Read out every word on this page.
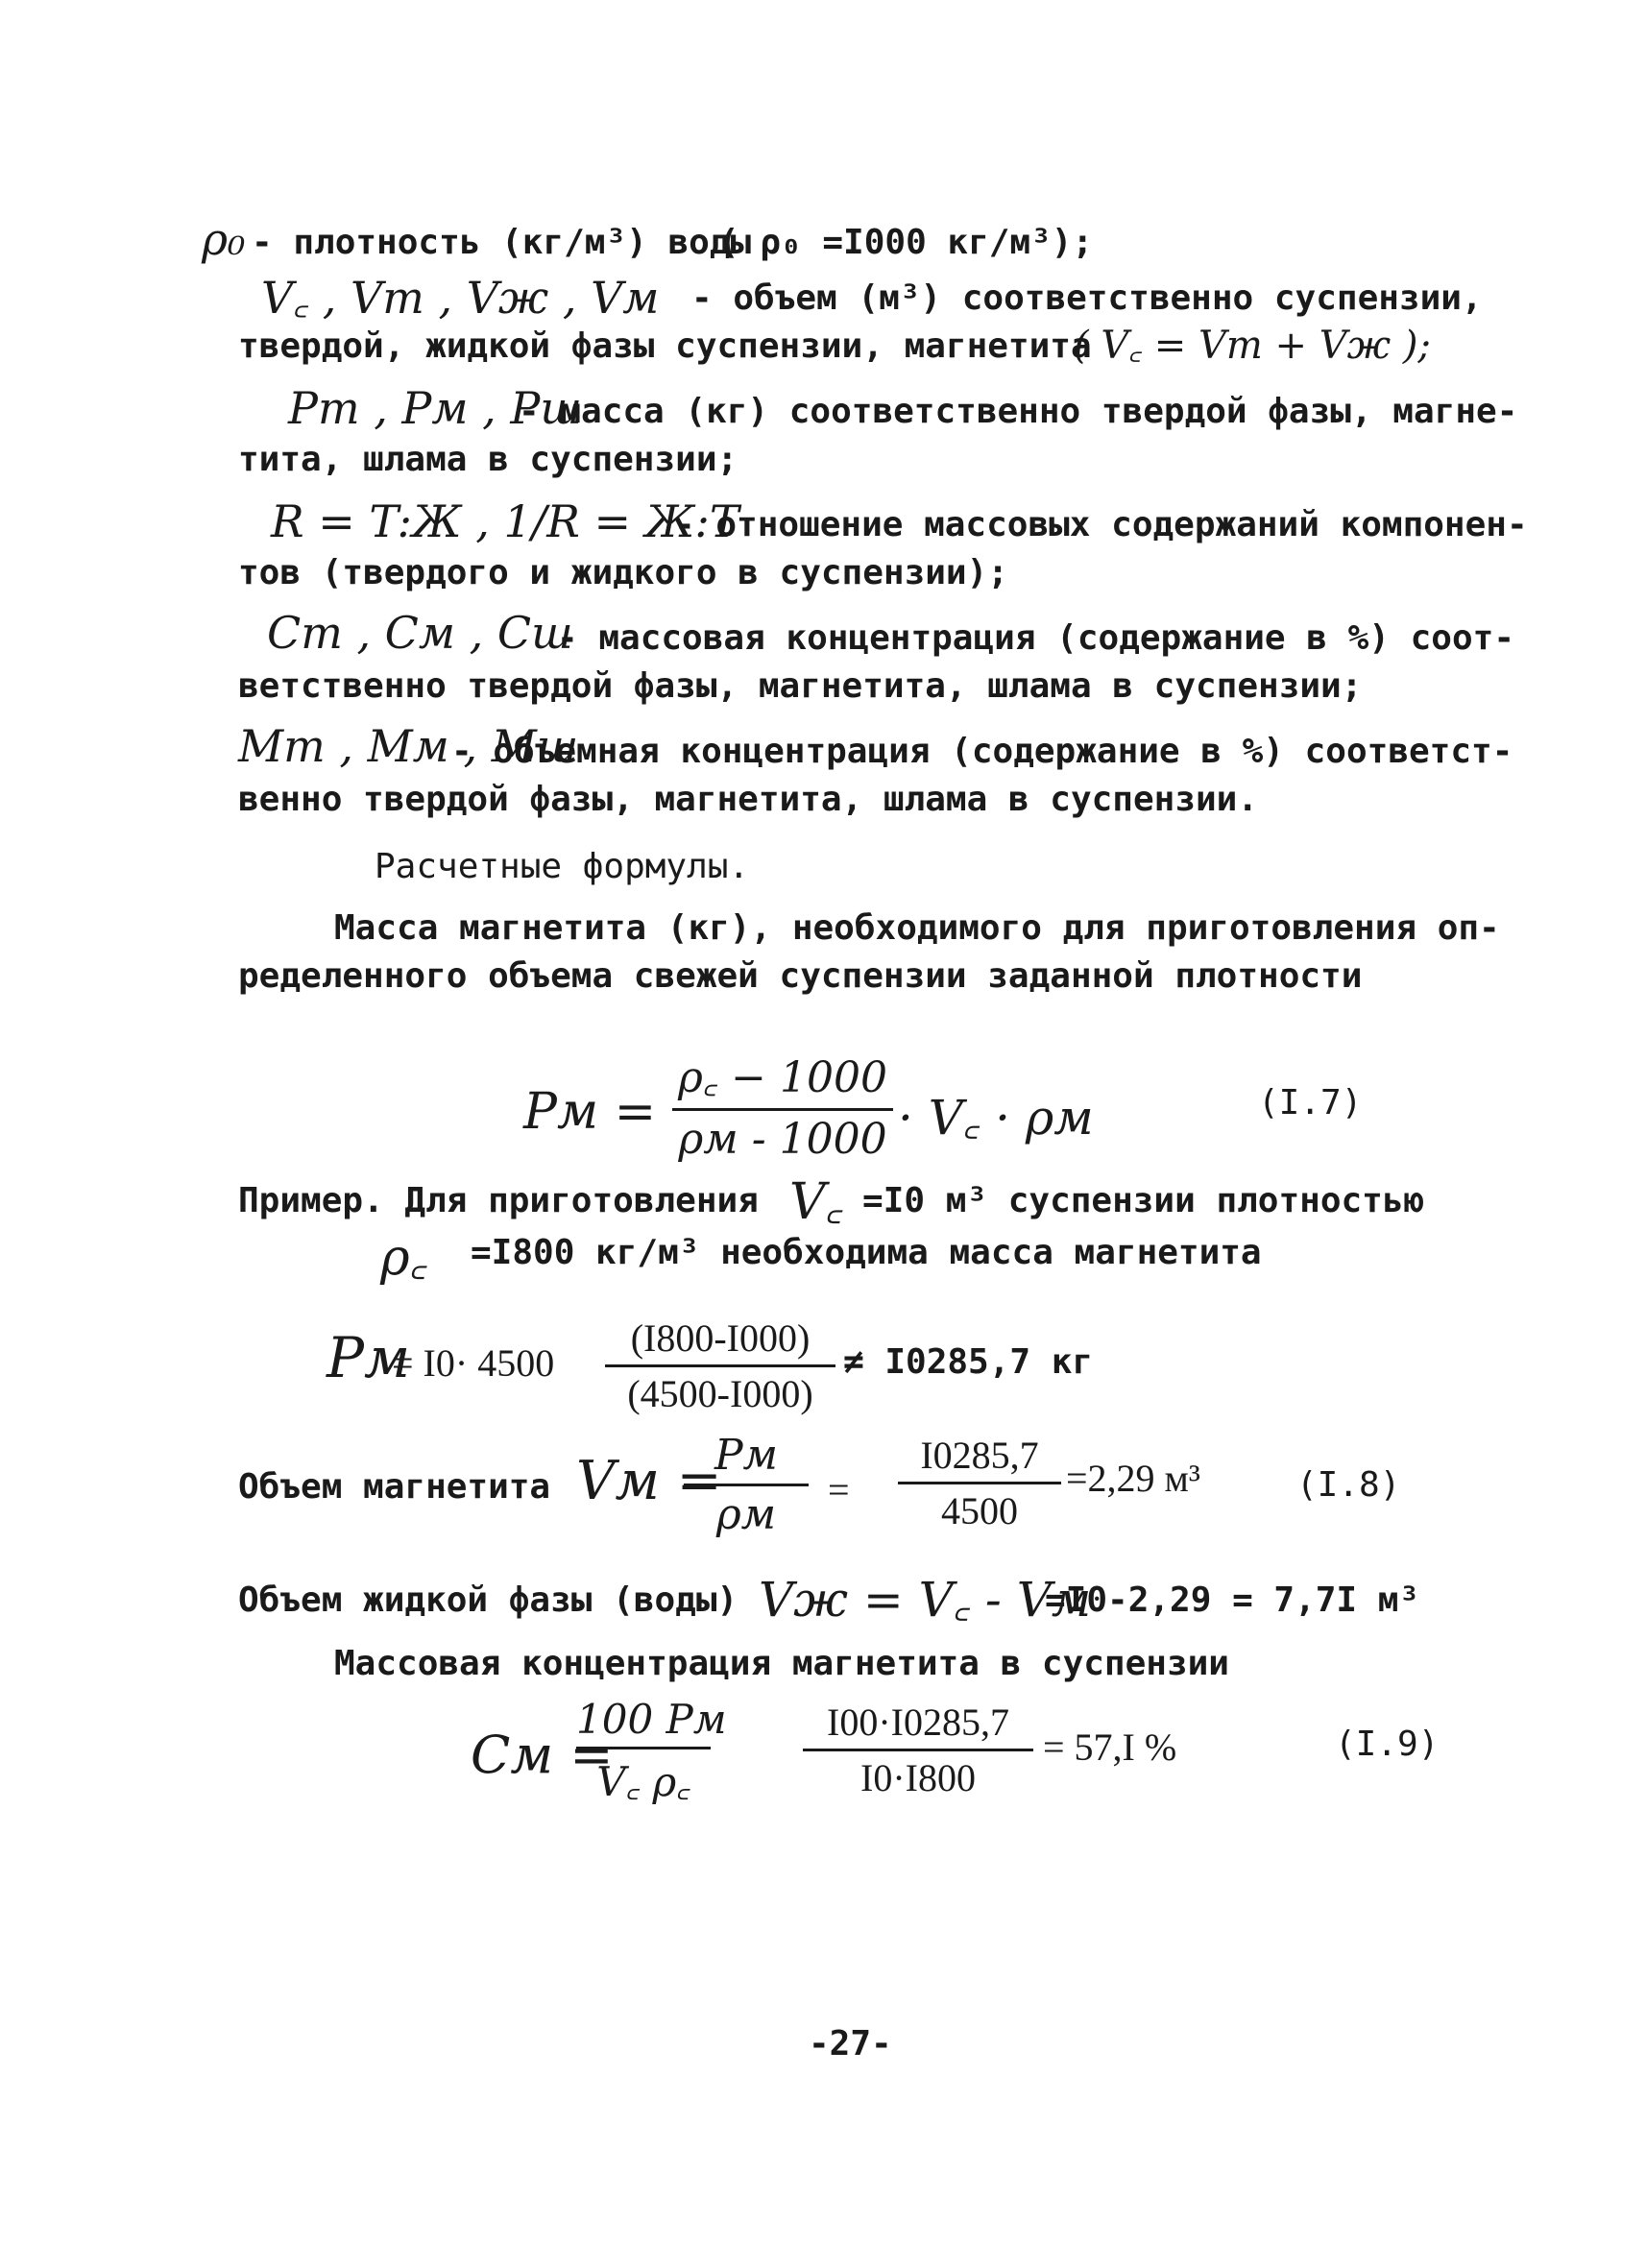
ρ₀ - плотность (кг/м³) воды
( ρ₀ =I000 кг/м³);
V꜀ , Vт , Vж , Vм - объем (м³) соответственно суспензии,
твердой, жидкой фазы суспензии, магнетита
( V꜀ = Vт + Vж );
Pт , Pм , Pш
- масса (кг) соответственно твердой фазы, магне-
тита, шлама в суспензии;
R = T:Ж , 1/R = Ж:T
- отношение массовых содержаний компонен-
тов (твердого и жидкого в суспензии);
Cт , Cм , Cш
- массовая концентрация (содержание в %) соот-
ветственно твердой фазы, магнетита, шлама в суспензии;
Mт , Mм , Mш
- объемная концентрация (содержание в %) соответст-
венно твердой фазы, магнетита, шлама в суспензии.
Расчетные формулы.
Масса магнетита (кг), необходимого для приготовления оп-
ределенного объема свежей суспензии заданной плотности
Pм =
ρ꜀ − 1000
ρм - 1000 · V꜀ · ρм	(I.7)
Пример. Для приготовления V꜀ =I0 м³ суспензии плотностью
ρ꜀ =I800 кг/м³ необходима масса магнетита
Pм
= I0· 4500
(I800-I000)
(4500-I000)
≠ I0285,7 кг
Объем магнетита Vм =
Pм
ρм
=
I0285,7
4500
=2,29 м³	(I.8)
Объем жидкой фазы (воды) Vж = V꜀ - Vм
=I0-2,29 = 7,7I м³
Массовая концентрация магнетита в суспензии
Cм =
100 Pм
V꜀ ρ꜀
I00·I0285,7
I0·I800
= 57,I %	(I.9)
-27-
